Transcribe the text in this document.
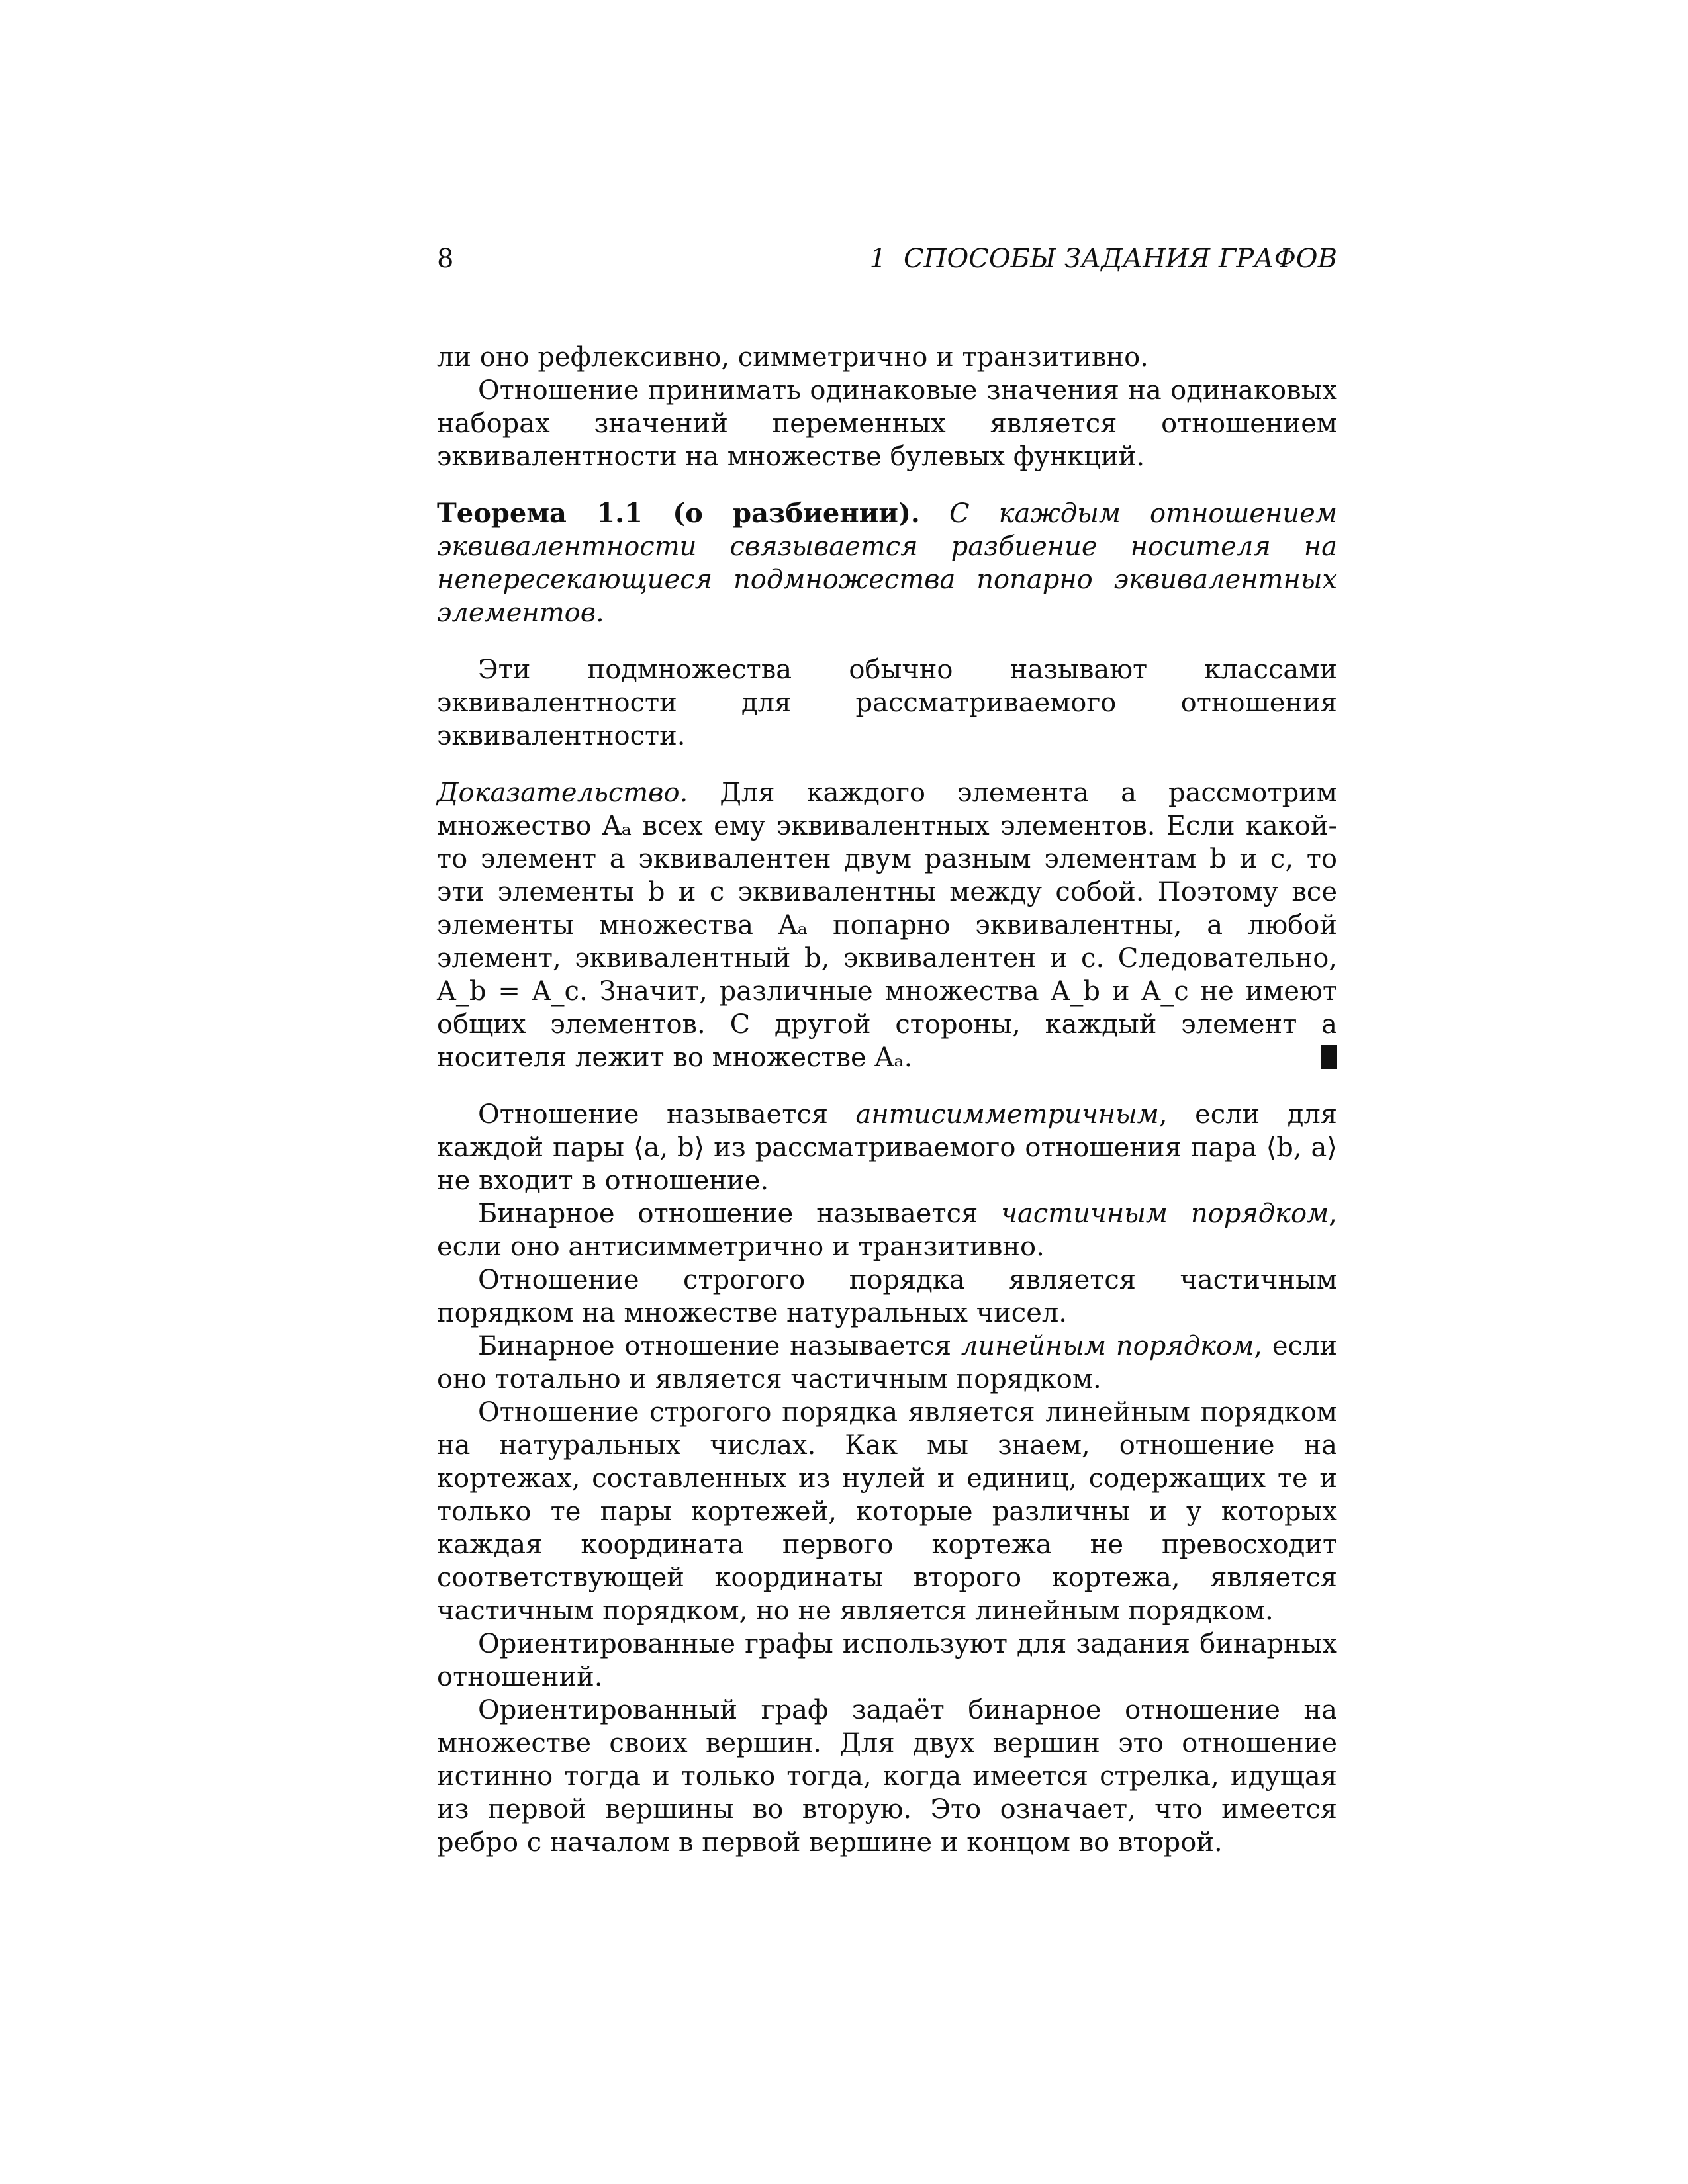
8	1 СПОСОБЫ ЗАДАНИЯ ГРАФОВ

ли оно рефлексивно, симметрично и транзитивно.

Отношение принимать одинаковые значения на одинаковых наборах значений переменных является отношением эквивалентности на множестве булевых функций.

Теорема 1.1 (о разбиении). С каждым отношением эквивалентности связывается разбиение носителя на непересекающиеся подмножества попарно эквивалентных элементов.

Эти подмножества обычно называют классами эквивалентности для рассматриваемого отношения эквивалентности.

Доказательство. Для каждого элемента a рассмотрим множество Aₐ всех ему эквивалентных элементов. Если какой-то элемент a эквивалентен двум разным элементам b и c, то эти элементы b и c эквивалентны между собой. Поэтому все элементы множества Aₐ попарно эквивалентны, а любой элемент, эквивалентный b, эквивалентен и c. Следовательно, A_b = A_c. Значит, различные множества A_b и A_c не имеют общих элементов. С другой стороны, каждый элемент a носителя лежит во множестве Aₐ.

Отношение называется антисимметричным, если для каждой пары ⟨a, b⟩ из рассматриваемого отношения пара ⟨b, a⟩ не входит в отношение.

Бинарное отношение называется частичным порядком, если оно антисимметрично и транзитивно.

Отношение строгого порядка является частичным порядком на множестве натуральных чисел.

Бинарное отношение называется линейным порядком, если оно тотально и является частичным порядком.

Отношение строгого порядка является линейным порядком на натуральных числах. Как мы знаем, отношение на кортежах, составленных из нулей и единиц, содержащих те и только те пары кортежей, которые различны и у которых каждая координата первого кортежа не превосходит соответствующей координаты второго кортежа, является частичным порядком, но не является линейным порядком.

Ориентированные графы используют для задания бинарных отношений.

Ориентированный граф задаёт бинарное отношение на множестве своих вершин. Для двух вершин это отношение истинно тогда и только тогда, когда имеется стрелка, идущая из первой вершины во вторую. Это означает, что имеется ребро с началом в первой вершине и концом во второй.
